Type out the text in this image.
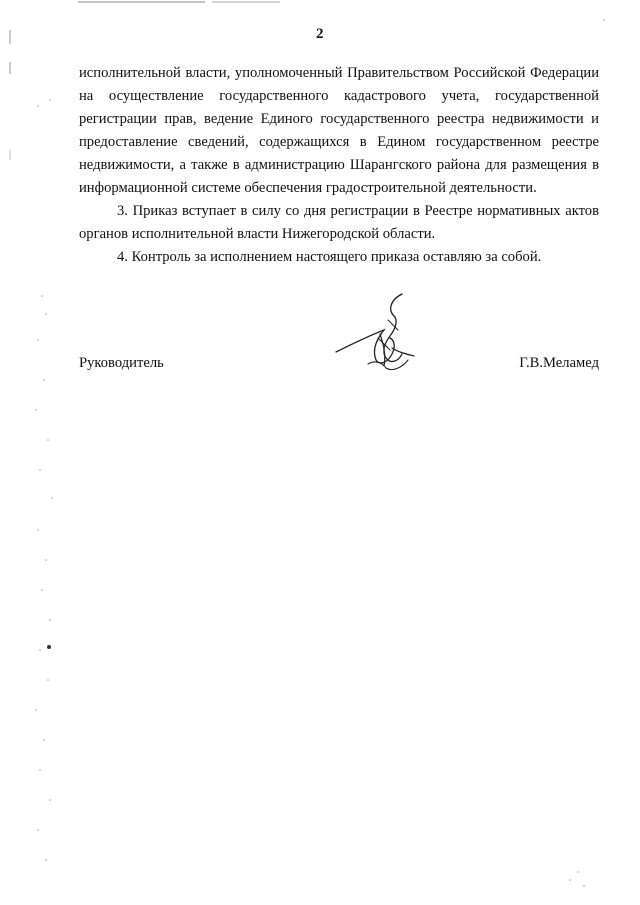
2

исполнительной власти, уполномоченный Правительством Российской Федерации на осуществление государственного кадастрового учета, государственной регистрации прав, ведение Единого государственного реестра недвижимости и предоставление сведений, содержащихся в Едином государственном реестре недвижимости, а также в администрацию Шарангского района для размещения в информационной системе обеспечения градостроительной деятельности.

3. Приказ вступает в силу со дня регистрации в Реестре нормативных актов органов исполнительной власти Нижегородской области.

4. Контроль за исполнением настоящего приказа оставляю за собой.

Руководитель	Г.В.Меламед
